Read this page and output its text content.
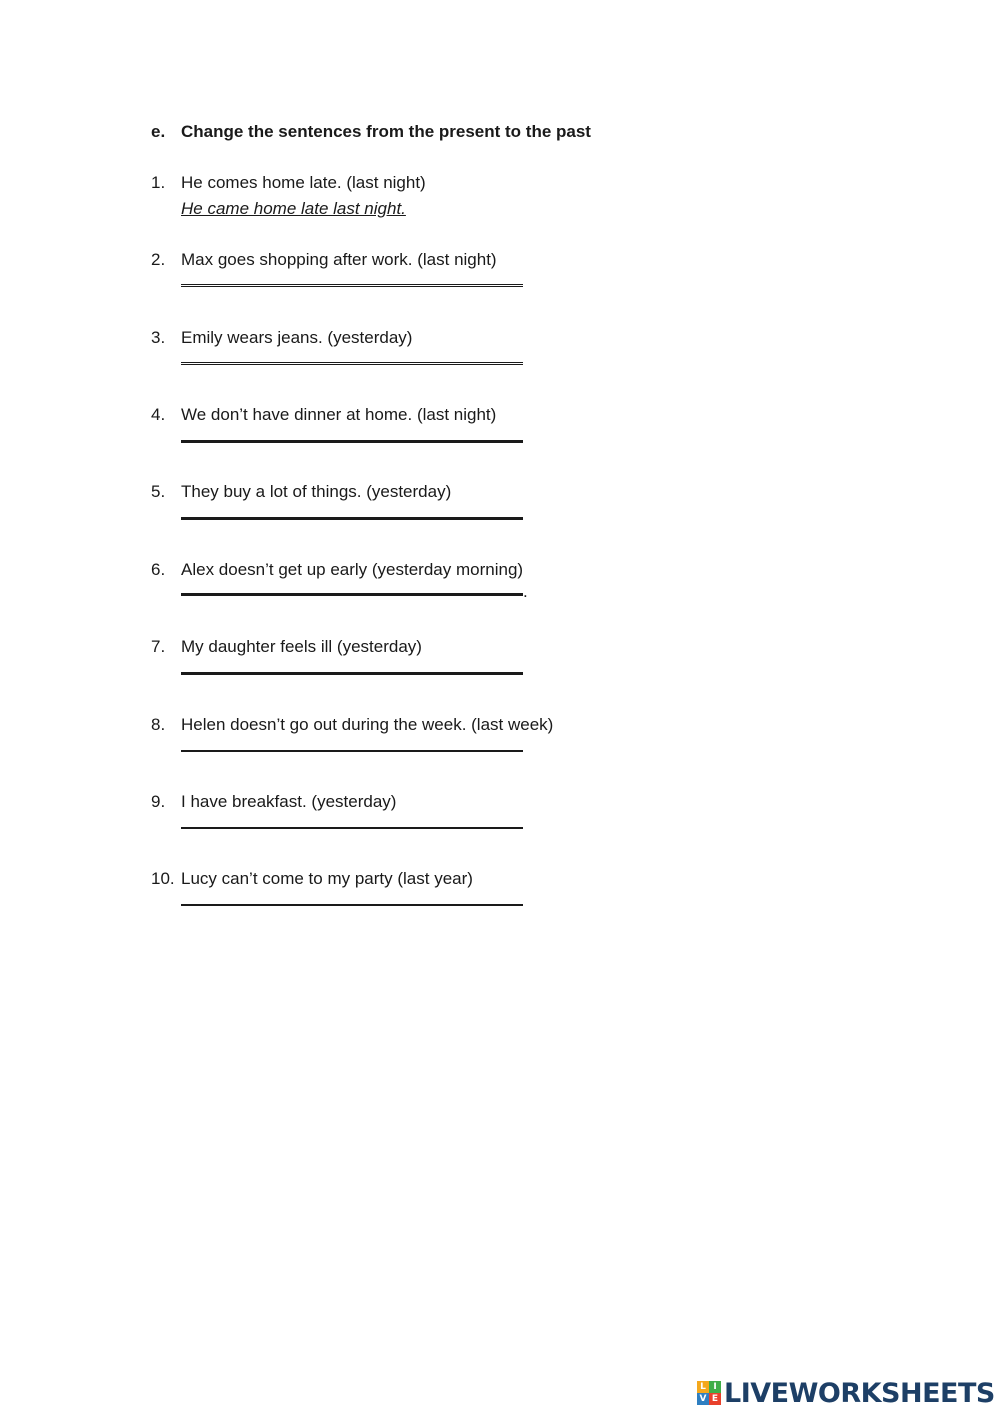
e. Change the sentences from the present to the past
1. He comes home late. (last night)
He came home late last night.
2. Max goes shopping after work. (last night)
3. Emily wears jeans. (yesterday)
4. We don’t have dinner at home. (last night)
5. They buy a lot of things. (yesterday)
6. Alex doesn’t get up early (yesterday morning)
.
7. My daughter feels ill (yesterday)
8. Helen doesn’t go out during the week. (last week)
9. I have breakfast. (yesterday)
10. Lucy can’t come to my party (last year)
L I
V E LIVEWORKSHEETS
